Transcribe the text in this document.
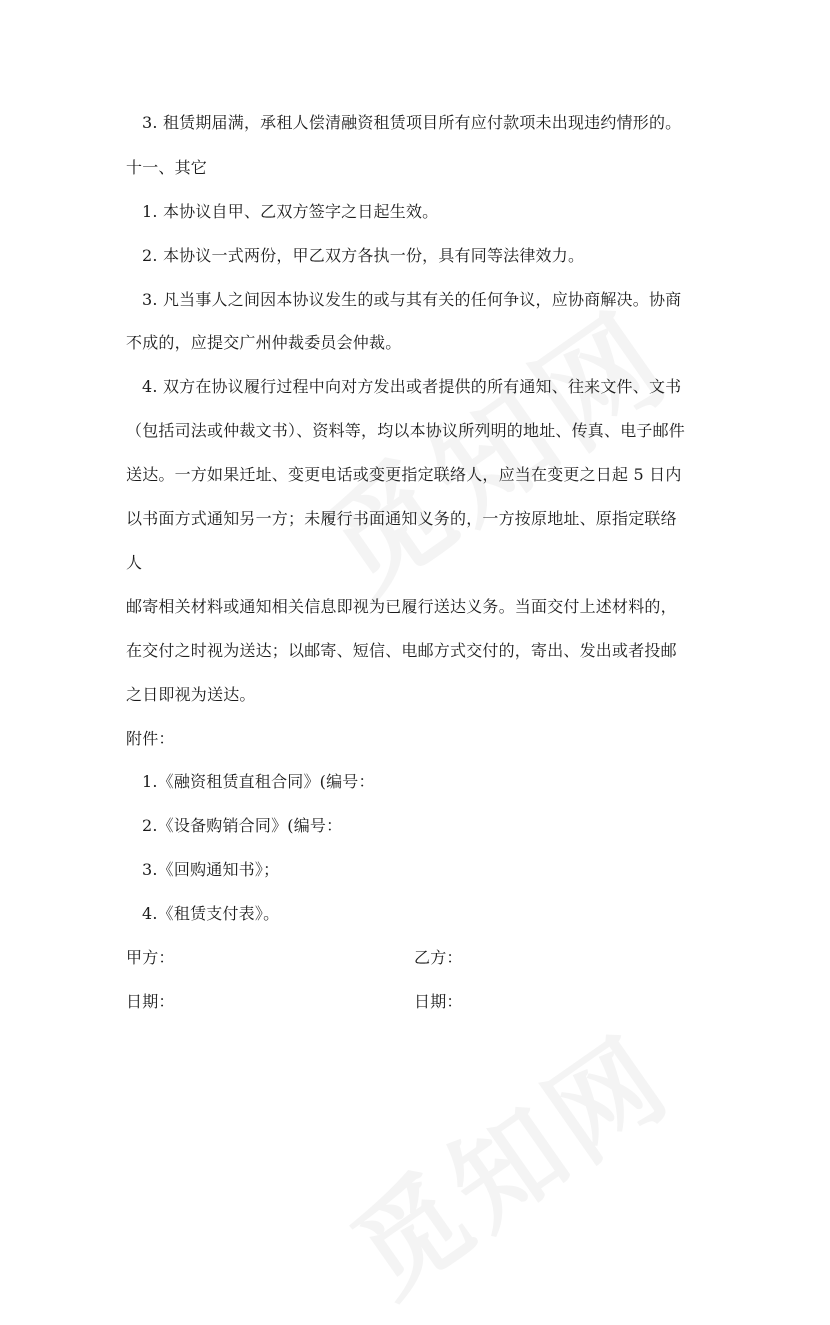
3. 租赁期届满，承租人偿清融资租赁项目所有应付款项未出现违约情形的。
十一、其它
1. 本协议自甲、乙双方签字之日起生效。
2. 本协议一式两份，甲乙双方各执一份，具有同等法律效力。
3. 凡当事人之间因本协议发生的或与其有关的任何争议，应协商解决。协商
不成的，应提交广州仲裁委员会仲裁。
4. 双方在协议履行过程中向对方发出或者提供的所有通知、往来文件、文书
（包括司法或仲裁文书）、资料等，均以本协议所列明的地址、传真、电子邮件
送达。一方如果迁址、变更电话或变更指定联络人，应当在变更之日起 5 日内
以书面方式通知另一方；未履行书面通知义务的，一方按原地址、原指定联络
人
邮寄相关材料或通知相关信息即视为已履行送达义务。当面交付上述材料的，
在交付之时视为送达；以邮寄、短信、电邮方式交付的，寄出、发出或者投邮
之日即视为送达。
附件：
1.《融资租赁直租合同》(编号：
2.《设备购销合同》(编号：
3.《回购通知书》；
4.《租赁支付表》。
甲方：	乙方：
日期：	日期：
